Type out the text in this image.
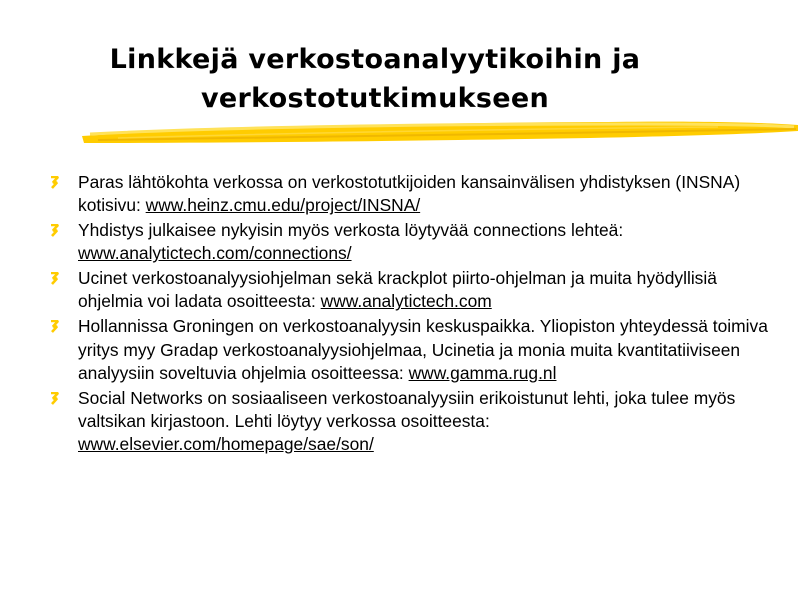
Linkkejä verkostoanalyytikoihin ja
verkostotutkimukseen
Paras lähtökohta verkossa on verkostotutkijoiden kansainvälisen yhdistyksen (INSNA) kotisivu: www.heinz.cmu.edu/project/INSNA/
Yhdistys julkaisee nykyisin myös verkosta löytyvää connections lehteä: www.analytictech.com/connections/
Ucinet verkostoanalyysiohjelman sekä krackplot piirto-ohjelman ja muita hyödyllisiä ohjelmia voi ladata osoitteesta: www.analytictech.com
Hollannissa Groningen on verkostoanalyysin keskuspaikka. Yliopiston yhteydessä toimiva yritys myy Gradap verkostoanalyysiohjelmaa, Ucinetia ja monia muita kvantitatiiviseen analyysiin soveltuvia ohjelmia osoitteessa: www.gamma.rug.nl
Social Networks on sosiaaliseen verkostoanalyysiin erikoistunut lehti, joka tulee myös valtsikan kirjastoon. Lehti löytyy verkossa osoitteesta: www.elsevier.com/homepage/sae/son/
